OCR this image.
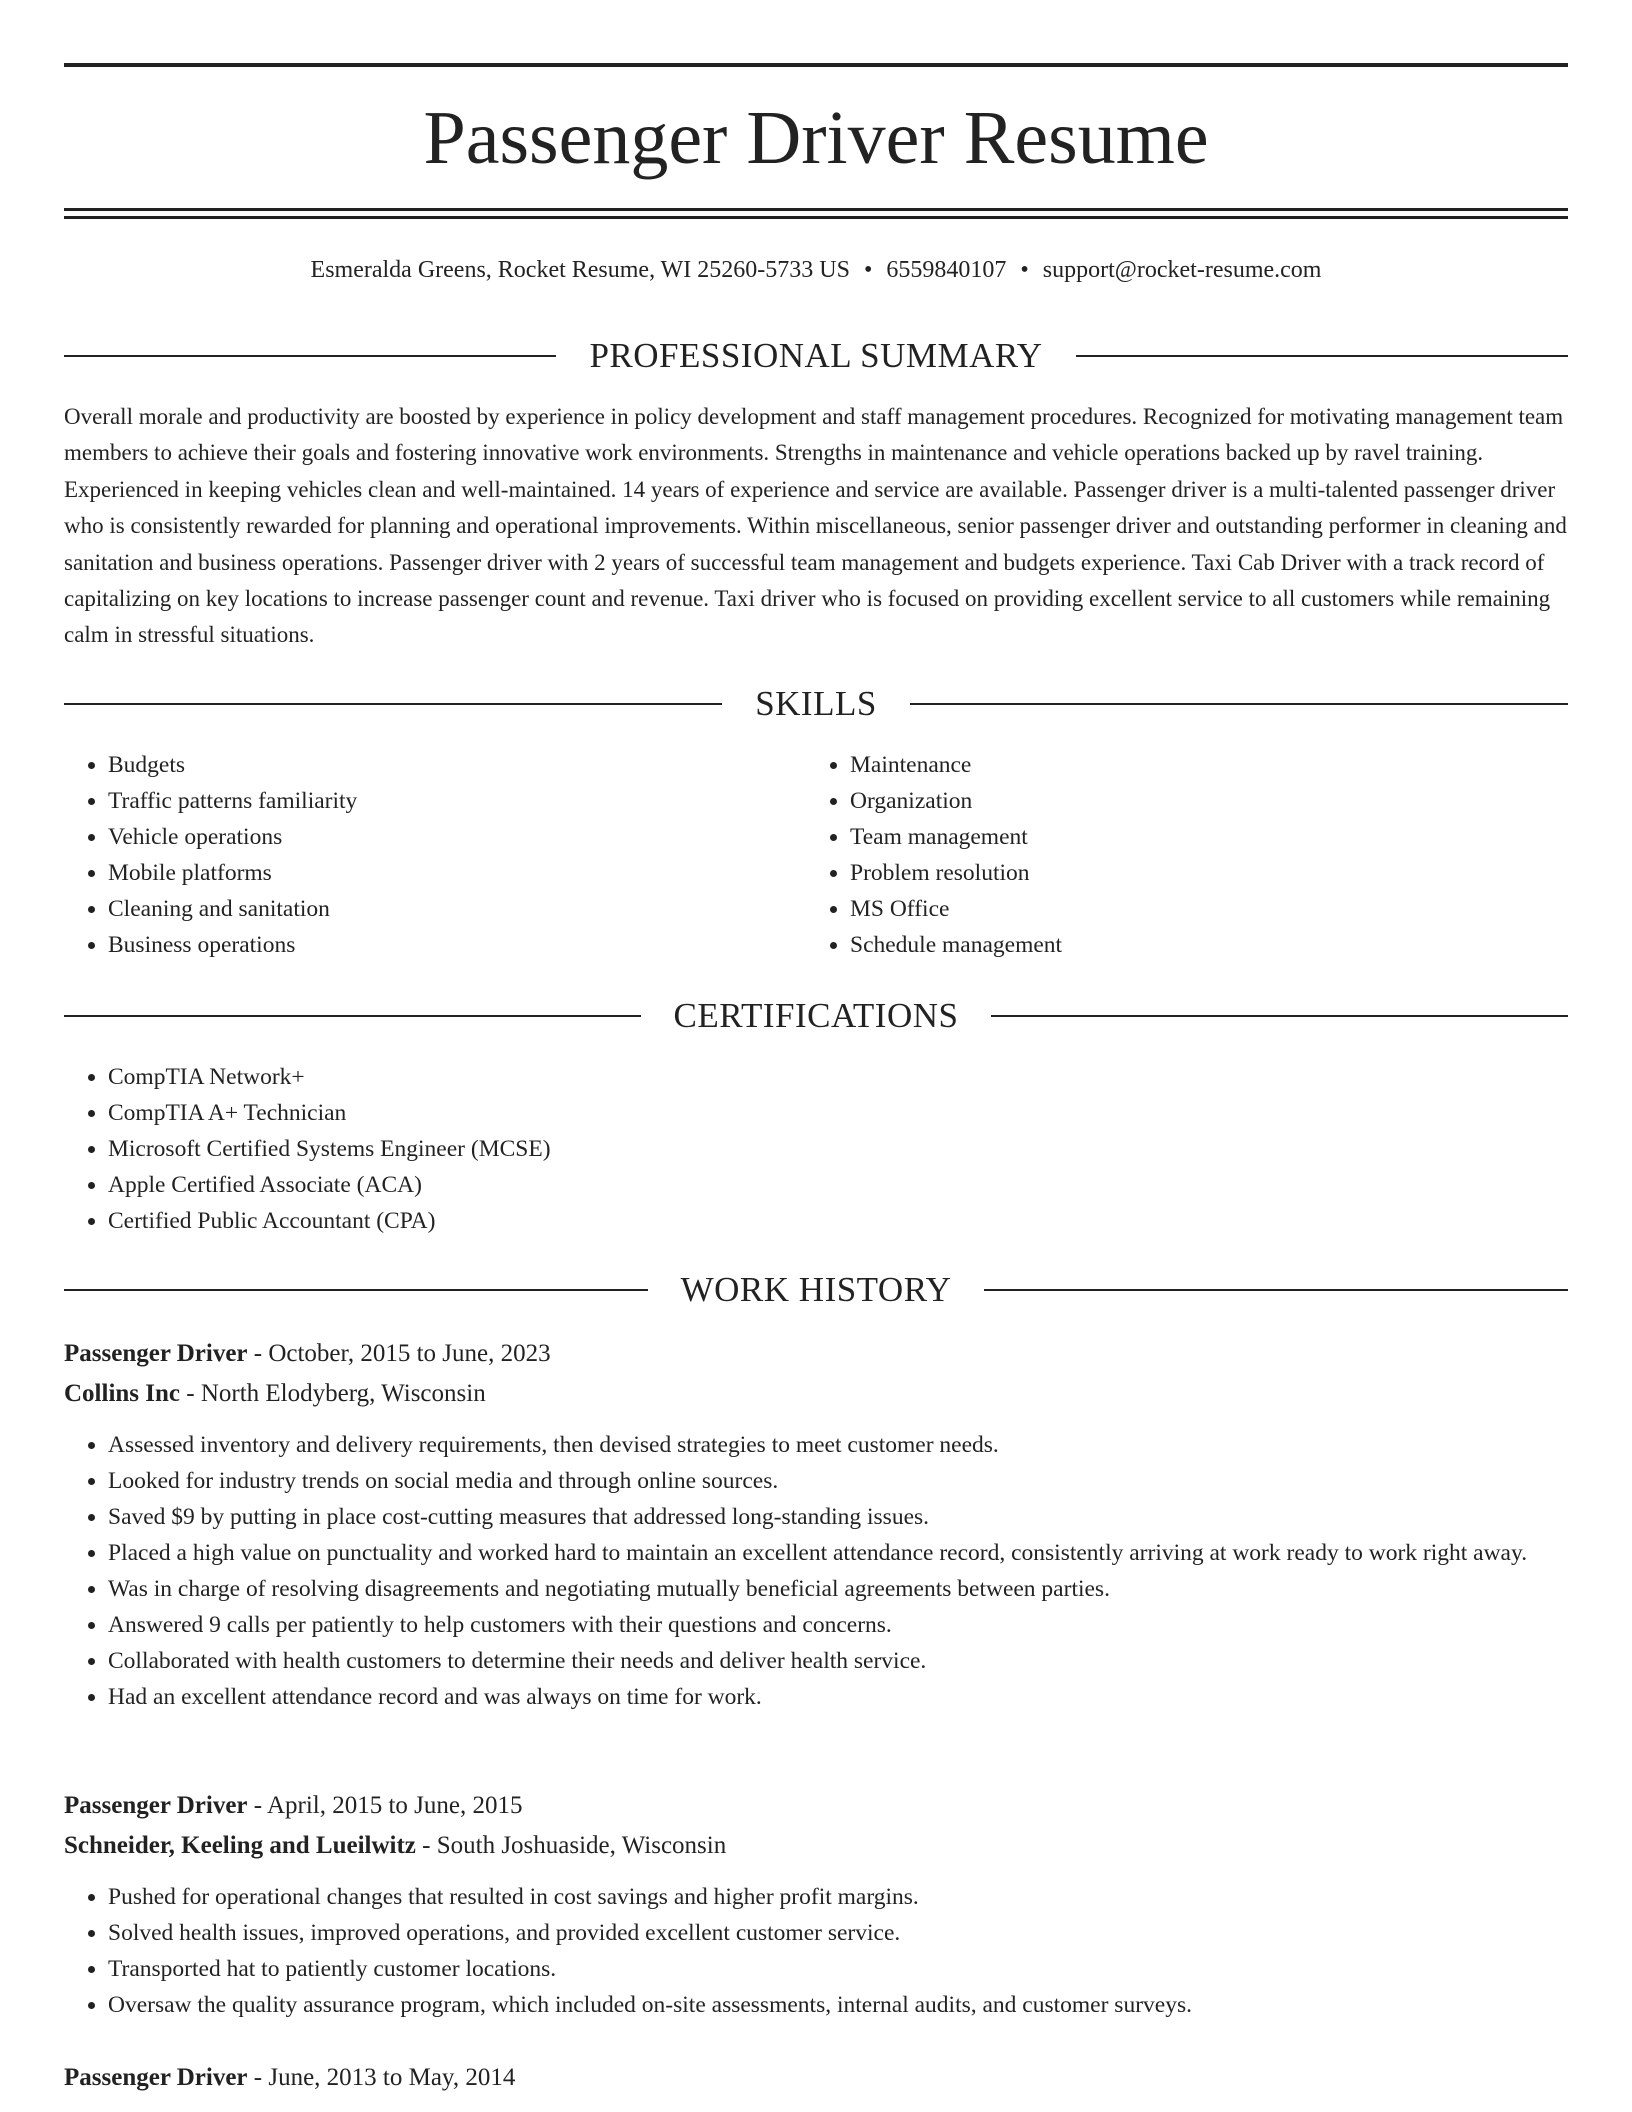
Passenger Driver Resume
Esmeralda Greens, Rocket Resume, WI 25260-5733 US • 6559840107 • support@rocket-resume.com
PROFESSIONAL SUMMARY

Overall morale and productivity are boosted by experience in policy development and staff management procedures. Recognized for motivating management team members to achieve their goals and fostering innovative work environments. Strengths in maintenance and vehicle operations backed up by ravel training. Experienced in keeping vehicles clean and well-maintained. 14 years of experience and service are available. Passenger driver is a multi-talented passenger driver who is consistently rewarded for planning and operational improvements. Within miscellaneous, senior passenger driver and outstanding performer in cleaning and sanitation and business operations. Passenger driver with 2 years of successful team management and budgets experience. Taxi Cab Driver with a track record of capitalizing on key locations to increase passenger count and revenue. Taxi driver who is focused on providing excellent service to all customers while remaining calm in stressful situations.

SKILLS
• Budgets
• Traffic patterns familiarity
• Vehicle operations
• Mobile platforms
• Cleaning and sanitation
• Business operations
• Maintenance
• Organization
• Team management
• Problem resolution
• MS Office
• Schedule management
CERTIFICATIONS
• CompTIA Network+
• CompTIA A+ Technician
• Microsoft Certified Systems Engineer (MCSE)
• Apple Certified Associate (ACA)
• Certified Public Accountant (CPA)
WORK HISTORY
Passenger Driver - October, 2015 to June, 2023
Collins Inc - North Elodyberg, Wisconsin
• Assessed inventory and delivery requirements, then devised strategies to meet customer needs.
• Looked for industry trends on social media and through online sources.
• Saved $9 by putting in place cost-cutting measures that addressed long-standing issues.
• Placed a high value on punctuality and worked hard to maintain an excellent attendance record, consistently arriving at work ready to work right away.
• Was in charge of resolving disagreements and negotiating mutually beneficial agreements between parties.
• Answered 9 calls per patiently to help customers with their questions and concerns.
• Collaborated with health customers to determine their needs and deliver health service.
• Had an excellent attendance record and was always on time for work.
Passenger Driver - April, 2015 to June, 2015
Schneider, Keeling and Lueilwitz - South Joshuaside, Wisconsin
• Pushed for operational changes that resulted in cost savings and higher profit margins.
• Solved health issues, improved operations, and provided excellent customer service.
• Transported hat to patiently customer locations.
• Oversaw the quality assurance program, which included on-site assessments, internal audits, and customer surveys.
Passenger Driver - June, 2013 to May, 2014
